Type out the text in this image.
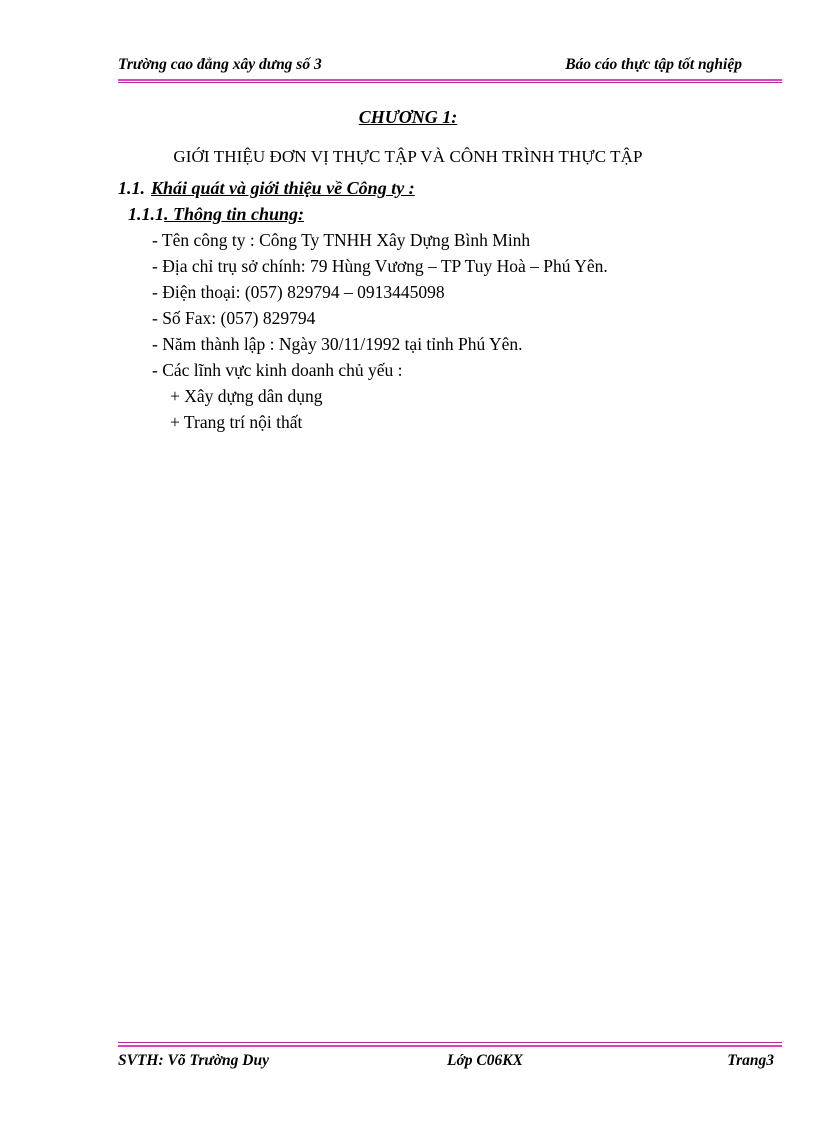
Trường cao đẳng xây dưng số 3	Báo cáo thực tập tốt nghiệp
CHƯƠNG 1:
GIỚI THIỆU ĐƠN VỊ THỰC TẬP VÀ CÔNH TRÌNH THỰC TẬP
1.1. Khái quát và giới thiệu về Công ty :
1.1.1. Thông tin chung:
- Tên công ty : Công Ty TNHH Xây Dựng Bình Minh
- Địa chỉ trụ sở chính: 79 Hùng Vương – TP Tuy Hoà – Phú Yên.
- Điện thoại: (057) 829794 – 0913445098
- Số Fax: (057) 829794
- Năm thành lập : Ngày 30/11/1992 tại tỉnh Phú Yên.
- Các lĩnh vực kinh doanh chủ yếu :
+ Xây dựng dân dụng
+ Trang trí nội thất
SVTH: Võ Trường Duy	Lớp C06KX	Trang3
